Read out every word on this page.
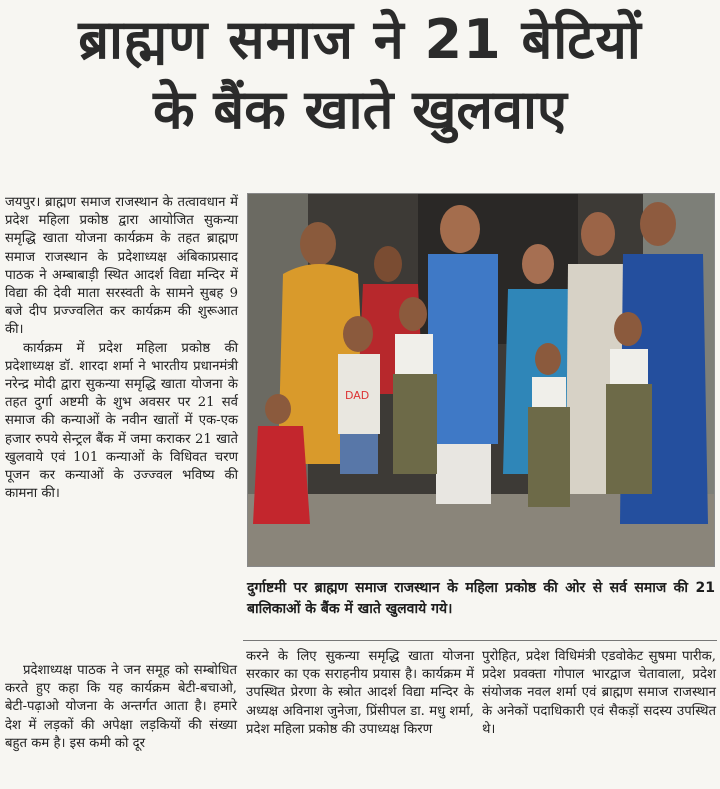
ब्राह्मण समाज ने 21 बेटियों
के बैंक खाते खुलवाए

जयपुर। ब्राह्मण समाज राजस्थान के तत्वावधान में प्रदेश महिला प्रकोष्ठ द्वारा आयोजित सुकन्या समृद्धि खाता योजना कार्यक्रम के तहत ब्राह्मण समाज राजस्थान के प्रदेशाध्यक्ष अंबिकाप्रसाद पाठक ने अम्बाबाड़ी स्थित आदर्श विद्या मन्दिर में विद्या की देवी माता सरस्वती के सामने सुबह 9 बजे दीप प्रज्ज्वलित कर कार्यक्रम की शुरूआत की।

कार्यक्रम में प्रदेश महिला प्रकोष्ठ की प्रदेशाध्यक्ष डॉ. शारदा शर्मा ने भारतीय प्रधानमंत्री नरेन्द्र मोदी द्वारा सुकन्या समृद्धि खाता योजना के तहत दुर्गा अष्टमी के शुभ अवसर पर 21 सर्व समाज की कन्याओं के नवीन खातों में एक-एक हजार रुपये सेन्ट्रल बैंक में जमा कराकर 21 खाते खुलवाये एवं 101 कन्याओं के विधिवत चरण पूजन कर कन्याओं के उज्ज्वल भविष्य की कामना की।

DAD
दुर्गाष्टमी पर ब्राह्मण समाज राजस्थान के महिला प्रकोष्ठ की ओर से सर्व समाज की 21 बालिकाओं के बैंक में खाते खुलवाये गये।

प्रदेशाध्यक्ष पाठक ने जन समूह को सम्बोधित करते हुए कहा कि यह कार्यक्रम बेटी-बचाओ, बेटी-पढ़ाओ योजना के अन्तर्गत आता है। हमारे देश में लड़कों की अपेक्षा लड़कियों की संख्या बहुत कम है। इस कमी को दूर

करने के लिए सुकन्या समृद्धि खाता योजना सरकार का एक सराहनीय प्रयास है। कार्यक्रम में उपस्थित प्रेरणा के स्त्रोत आदर्श विद्या मन्दिर के अध्यक्ष अविनाश जुनेजा, प्रिंसीपल डा. मधु शर्मा, प्रदेश महिला प्रकोष्ठ की उपाध्यक्ष किरण

पुरोहित, प्रदेश विधिमंत्री एडवोकेट सुषमा पारीक, प्रदेश प्रवक्ता गोपाल भारद्वाज चेतावाला, प्रदेश संयोजक नवल शर्मा एवं ब्राह्मण समाज राजस्थान के अनेकों पदाधिकारी एवं सैकड़ों सदस्य उपस्थित थे।
